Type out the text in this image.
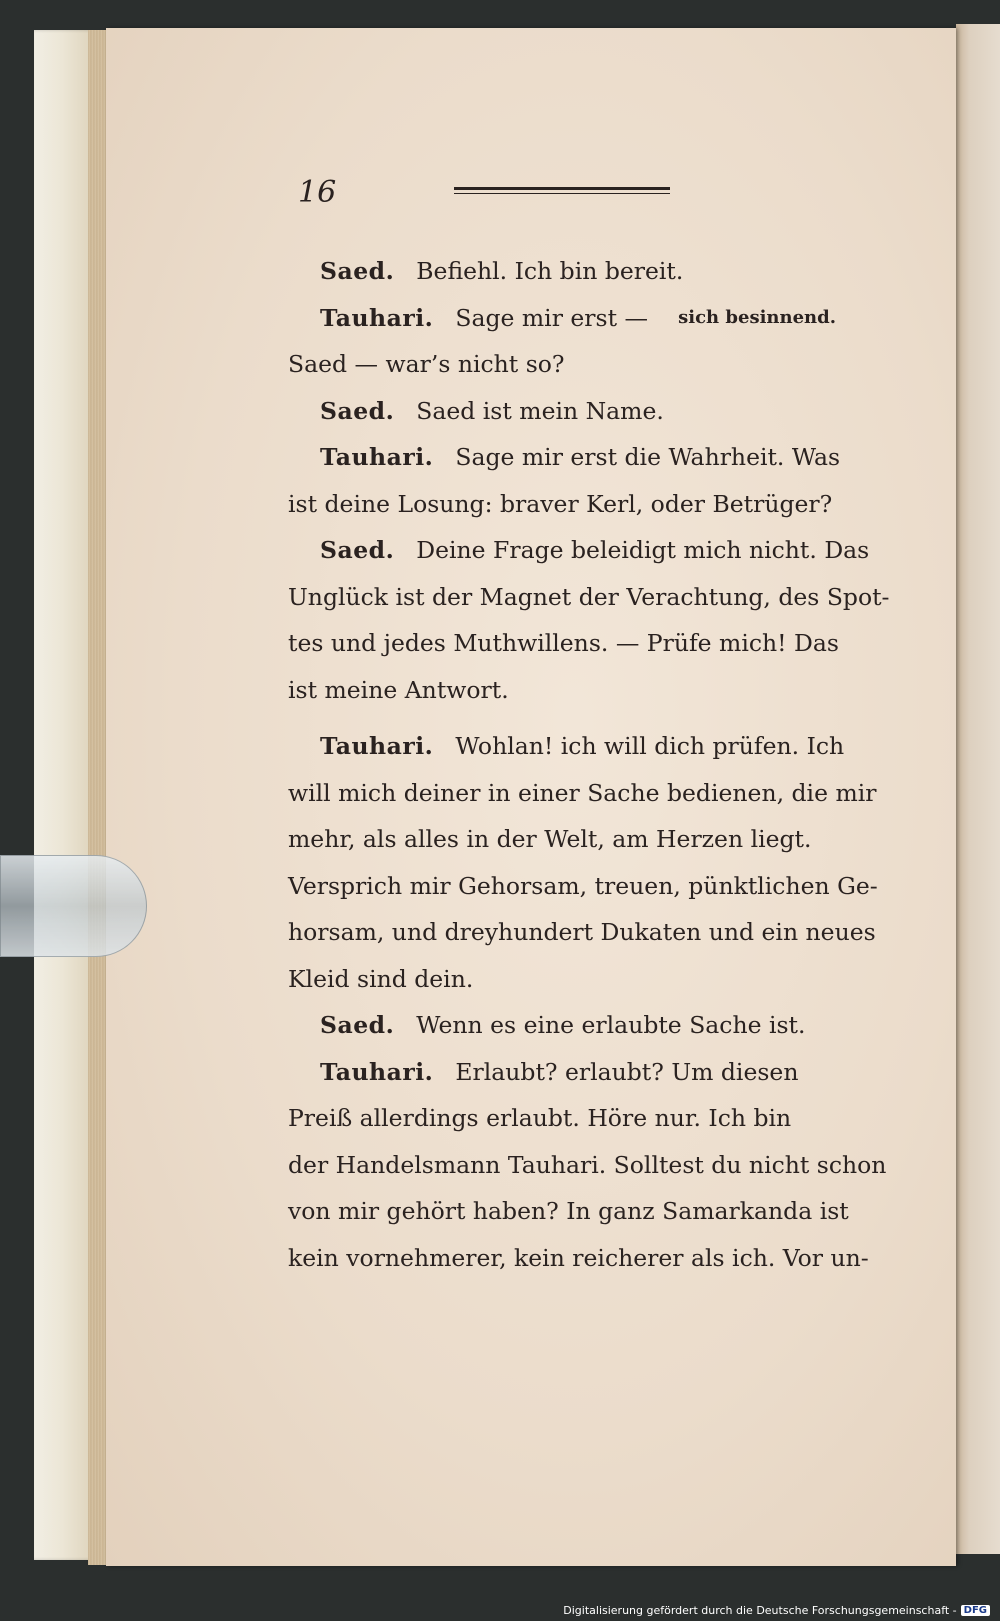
16
Saed. Befiehl. Ich bin bereit.
Tauhari. Sage mir erst — sich besinnend.
Saed — war’s nicht so?
Saed. Saed ist mein Name.
Tauhari. Sage mir erst die Wahrheit. Was
ist deine Losung: braver Kerl, oder Betrüger?
Saed. Deine Frage beleidigt mich nicht. Das
Unglück ist der Magnet der Verachtung, des Spot-
tes und jedes Muthwillens. — Prüfe mich! Das
ist meine Antwort.
Tauhari. Wohlan! ich will dich prüfen. Ich
will mich deiner in einer Sache bedienen, die mir
mehr, als alles in der Welt, am Herzen liegt.
Versprich mir Gehorsam, treuen, pünktlichen Ge-
horsam, und dreyhundert Dukaten und ein neues
Kleid sind dein.
Saed. Wenn es eine erlaubte Sache ist.
Tauhari. Erlaubt? erlaubt? Um diesen
Preiß allerdings erlaubt. Höre nur. Ich bin
der Handelsmann Tauhari. Solltest du nicht schon
von mir gehört haben? In ganz Samarkanda ist
kein vornehmerer, kein reicherer als ich. Vor un-
Digitalisierung gefördert durch die Deutsche Forschungsgemeinschaft - DFG
